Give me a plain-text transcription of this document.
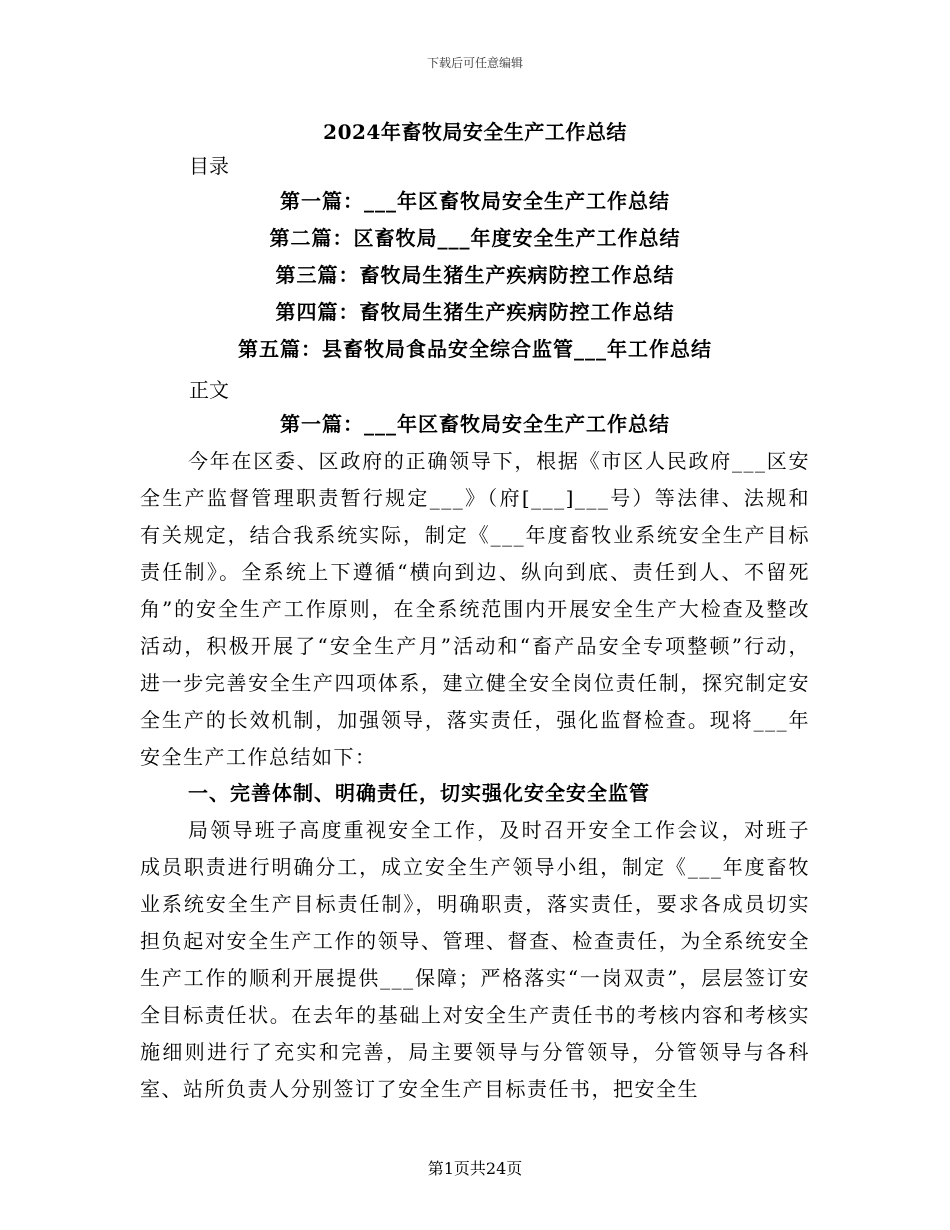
下载后可任意编辑
2024年畜牧局安全生产工作总结
目录
第一篇：___年区畜牧局安全生产工作总结
第二篇：区畜牧局___年度安全生产工作总结
第三篇：畜牧局生猪生产疾病防控工作总结
第四篇：畜牧局生猪生产疾病防控工作总结
第五篇：县畜牧局食品安全综合监管___年工作总结
正文
第一篇：___年区畜牧局安全生产工作总结

今年在区委、区政府的正确领导下，根据《市区人民政府___区安全生产监督管理职责暂行规定___》（府[___]___号）等法律、法规和有关规定，结合我系统实际，制定《___年度畜牧业系统安全生产目标责任制》。全系统上下遵循“横向到边、纵向到底、责任到人、不留死角”的安全生产工作原则，在全系统范围内开展安全生产大检查及整改活动，积极开展了“安全生产月”活动和“畜产品安全专项整顿”行动，进一步完善安全生产四项体系，建立健全安全岗位责任制，探究制定安全生产的长效机制，加强领导，落实责任，强化监督检查。现将___年安全生产工作总结如下：

一、完善体制、明确责任，切实强化安全安全监管

局领导班子高度重视安全工作，及时召开安全工作会议，对班子成员职责进行明确分工，成立安全生产领导小组，制定《___年度畜牧业系统安全生产目标责任制》，明确职责，落实责任，要求各成员切实担负起对安全生产工作的领导、管理、督查、检查责任，为全系统安全生产工作的顺利开展提供___保障；严格落实“一岗双责”，层层签订安全目标责任状。在去年的基础上对安全生产责任书的考核内容和考核实施细则进行了充实和完善，局主要领导与分管领导，分管领导与各科室、站所负责人分别签订了安全生产目标责任书，把安全生

第1页共24页
